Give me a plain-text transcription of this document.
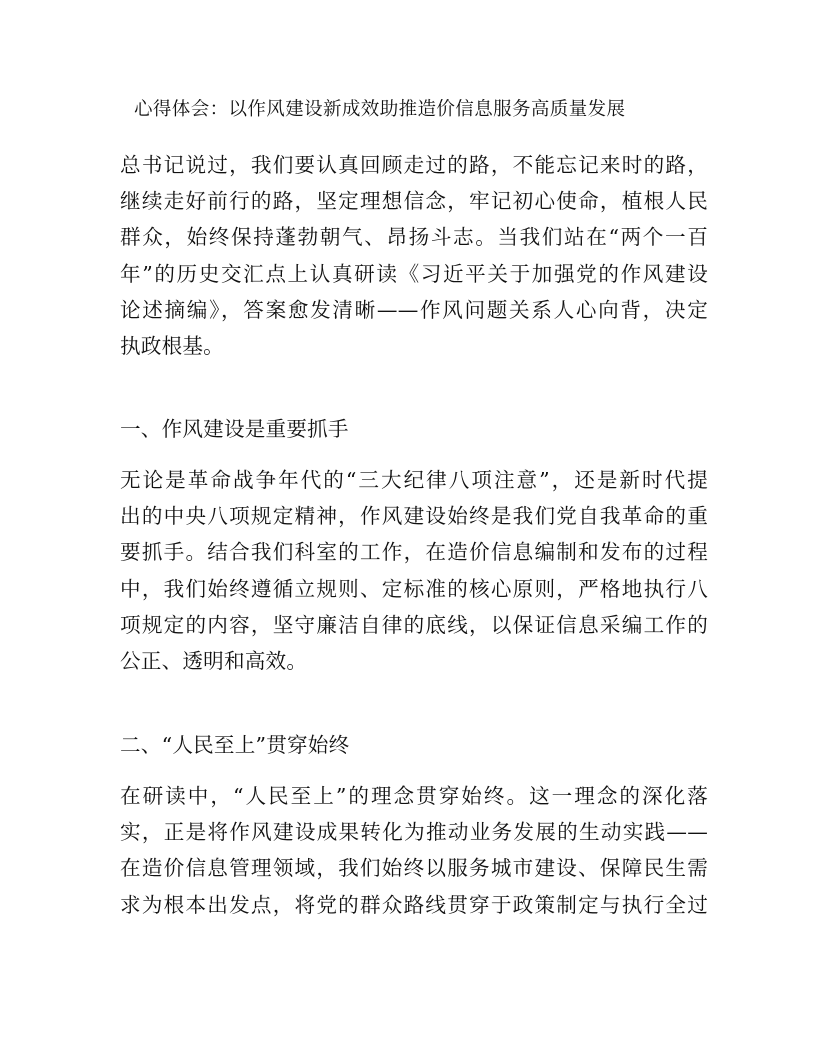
心得体会：以作风建设新成效助推造价信息服务高质量发展
总书记说过，我们要认真回顾走过的路，不能忘记来时的路，
继续走好前行的路，坚定理想信念，牢记初心使命，植根人民
群众，始终保持蓬勃朝气、昂扬斗志。当我们站在“两个一百
年”的历史交汇点上认真研读《习近平关于加强党的作风建设
论述摘编》，答案愈发清晰——作风问题关系人心向背，决定
执政根基。
一、作风建设是重要抓手
无论是革命战争年代的“三大纪律八项注意”，还是新时代提
出的中央八项规定精神，作风建设始终是我们党自我革命的重
要抓手。结合我们科室的工作，在造价信息编制和发布的过程
中，我们始终遵循立规则、定标准的核心原则，严格地执行八
项规定的内容，坚守廉洁自律的底线，以保证信息采编工作的
公正、透明和高效。
二、“人民至上”贯穿始终
在研读中，“人民至上”的理念贯穿始终。这一理念的深化落
实，正是将作风建设成果转化为推动业务发展的生动实践——
在造价信息管理领域，我们始终以服务城市建设、保障民生需
求为根本出发点，将党的群众路线贯穿于政策制定与执行全过
